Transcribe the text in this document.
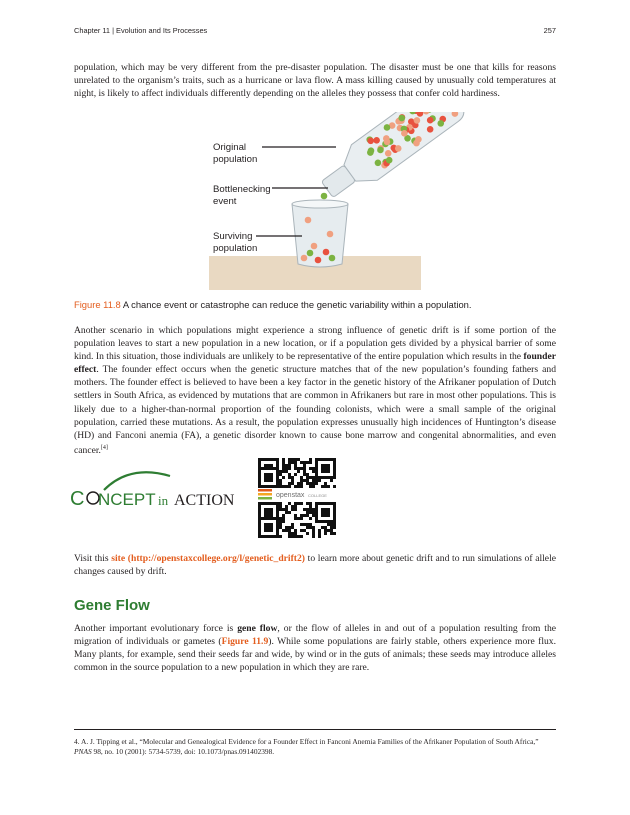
Chapter 11 | Evolution and Its Processes	257

population, which may be very different from the pre-disaster population. The disaster must be one that kills for reasons unrelated to the organism’s traits, such as a hurricane or lava flow. A mass killing caused by unusually cold temperatures at night, is likely to affect individuals differently depending on the alleles they possess that confer cold hardiness.

Original
population
Bottlenecking
event
Surviving
population

Figure 11.8 A chance event or catastrophe can reduce the genetic variability within a population.

Another scenario in which populations might experience a strong influence of genetic drift is if some portion of the population leaves to start a new population in a new location, or if a population gets divided by a physical barrier of some kind. In this situation, those individuals are unlikely to be representative of the entire population which results in the founder effect. The founder effect occurs when the genetic structure matches that of the new population’s founding fathers and mothers. The founder effect is believed to have been a key factor in the genetic history of the Afrikaner population of Dutch settlers in South Africa, as evidenced by mutations that are common in Afrikaners but rare in most other populations. This is likely due to a higher-than-normal proportion of the founding colonists, which were a small sample of the original population, carried these mutations. As a result, the population expresses unusually high incidences of Huntington’s disease (HD) and Fanconi anemia (FA), a genetic disorder known to cause bone marrow and congenital abnormalities, and even cancer.[4]

C NCEPT in ACTION	openstax COLLEGE

Visit this site (http://openstaxcollege.org/l/genetic_drift2) to learn more about genetic drift and to run simulations of allele changes caused by drift.

Gene Flow

Another important evolutionary force is gene flow, or the flow of alleles in and out of a population resulting from the migration of individuals or gametes (Figure 11.9). While some populations are fairly stable, others experience more flux. Many plants, for example, send their seeds far and wide, by wind or in the guts of animals; these seeds may introduce alleles common in the source population to a new population in which they are rare.

4. A. J. Tipping et al., “Molecular and Genealogical Evidence for a Founder Effect in Fanconi Anemia Families of the Afrikaner Population of South Africa,” PNAS 98, no. 10 (2001): 5734-5739, doi: 10.1073/pnas.091402398.
